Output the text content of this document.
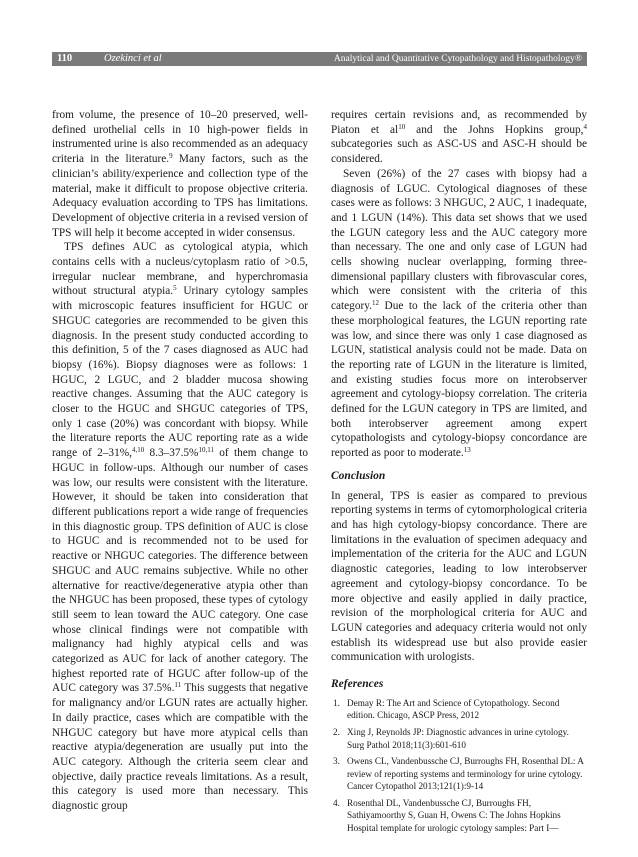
110	Ozekinci et al	Analytical and Quantitative Cytopathology and Histopathology®

from volume, the presence of 10–20 preserved, well-defined urothelial cells in 10 high-power fields in instrumented urine is also recommended as an adequacy criteria in the literature.$^9$ Many factors, such as the clinician’s ability/experience and collection type of the material, make it difficult to propose objective criteria. Adequacy evaluation according to TPS has limitations. Development of objective criteria in a revised version of TPS will help it become accepted in wider consensus.

TPS defines AUC as cytological atypia, which contains cells with a nucleus/cytoplasm ratio of >0.5, irregular nuclear membrane, and hyperchromasia without structural atypia.$^5$ Urinary cytology samples with microscopic features insufficient for HGUC or SHGUC categories are recommended to be given this diagnosis. In the present study conducted according to this definition, 5 of the 7 cases diagnosed as AUC had biopsy (16%). Biopsy diagnoses were as follows: 1 HGUC, 2 LGUC, and 2 bladder mucosa showing reactive changes. Assuming that the AUC category is closer to the HGUC and SHGUC categories of TPS, only 1 case (20%) was concordant with biopsy. While the literature reports the AUC reporting rate as a wide range of 2–31%,$^{4,10}$ 8.3–37.5%$^{10,11}$ of them change to HGUC in follow-ups. Although our number of cases was low, our results were consistent with the literature. However, it should be taken into consideration that different publications report a wide range of frequencies in this diagnostic group. TPS definition of AUC is close to HGUC and is recommended not to be used for reactive or NHGUC categories. The difference between SHGUC and AUC remains subjective. While no other alternative for reactive/degenerative atypia other than the NHGUC has been proposed, these types of cytology still seem to lean toward the AUC category. One case whose clinical findings were not compatible with malignancy had highly atypical cells and was categorized as AUC for lack of another category. The highest reported rate of HGUC after follow-up of the AUC category was 37.5%.$^{11}$ This suggests that negative for malignancy and/or LGUN rates are actually higher. In daily practice, cases which are compatible with the NHGUC category but have more atypical cells than reactive atypia/degeneration are usually put into the AUC category. Although the criteria seem clear and objective, daily practice reveals limitations. As a result, this category is used more than necessary. This diagnostic group

requires certain revisions and, as recommended by Piaton et $al^{10}$ and the Johns Hopkins group,$^4$ subcategories such as ASC-US and ASC-H should be considered.

Seven (26%) of the 27 cases with biopsy had a diagnosis of LGUC. Cytological diagnoses of these cases were as follows: 3 NHGUC, 2 AUC, 1 inadequate, and 1 LGUN (14%). This data set shows that we used the LGUN category less and the AUC category more than necessary. The one and only case of LGUN had cells showing nuclear overlapping, forming three-dimensional papillary clusters with fibrovascular cores, which were consistent with the criteria of this category.$^{12}$ Due to the lack of the criteria other than these morphological features, the LGUN reporting rate was low, and since there was only 1 case diagnosed as LGUN, statistical analysis could not be made. Data on the reporting rate of LGUN in the literature is limited, and existing studies focus more on interobserver agreement and cytology-biopsy correlation. The criteria defined for the LGUN category in TPS are limited, and both interobserver agreement among expert cytopathologists and cytology-biopsy concordance are reported as poor to moderate.$^{13}$

Conclusion

In general, TPS is easier as compared to previous reporting systems in terms of cytomorphological criteria and has high cytology-biopsy concordance. There are limitations in the evaluation of specimen adequacy and implementation of the criteria for the AUC and LGUN diagnostic categories, leading to low interobserver agreement and cytology-biopsy concordance. To be more objective and easily applied in daily practice, revision of the morphological criteria for AUC and LGUN categories and adequacy criteria would not only establish its widespread use but also provide easier communication with urologists.

References
1. Demay R: The Art and Science of Cytopathology. Second edition. Chicago, ASCP Press, 2012
2. Xing J, Reynolds JP: Diagnostic advances in urine cytology. Surg Pathol 2018;11(3):601-610
3. Owens CL, Vandenbussche CJ, Burroughs FH, Rosenthal DL: A review of reporting systems and terminology for urine cytology. Cancer Cytopathol 2013;121(1):9-14
4. Rosenthal DL, Vandenbussche CJ, Burroughs FH, Sathiyamoorthy S, Guan H, Owens C: The Johns Hopkins Hospital template for urologic cytology samples: Part I—
